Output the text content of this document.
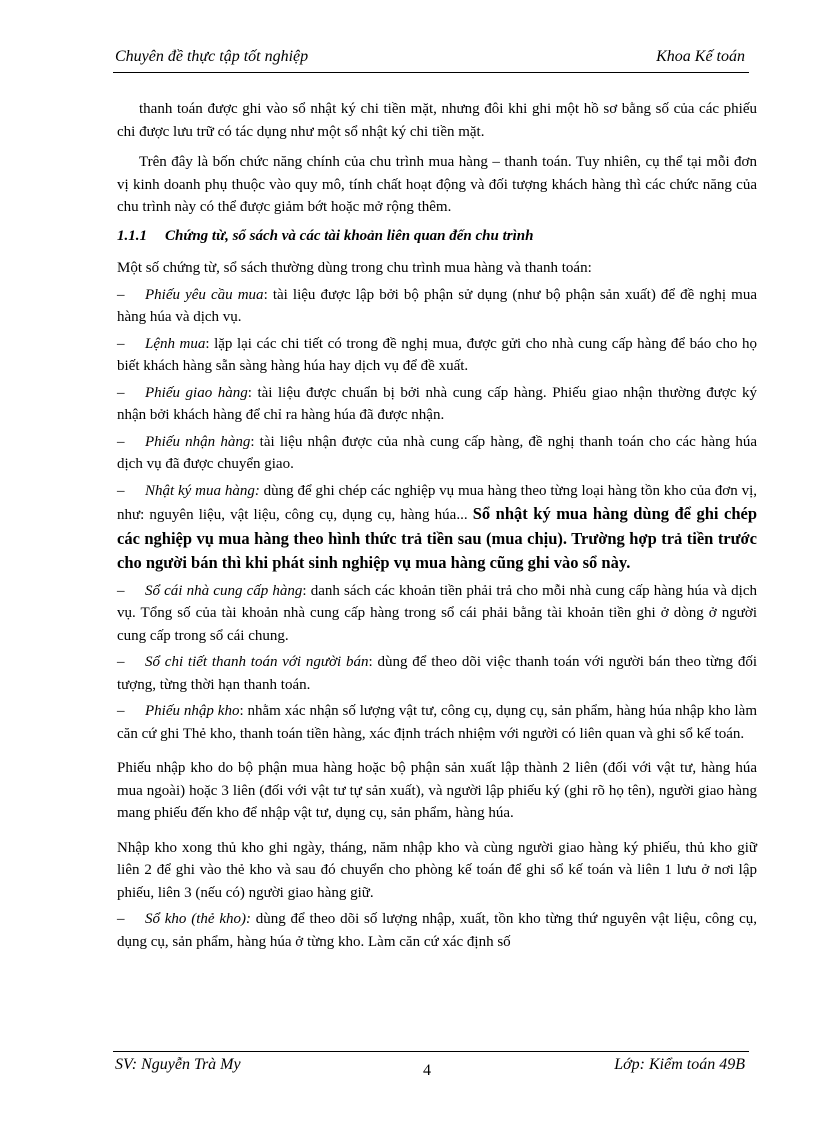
Chuyên đề thực tập tốt nghiệp	Khoa Kế toán

thanh toán được ghi vào sổ nhật ký chi tiền mặt, nhưng đôi khi ghi một hồ sơ bằng số của các phiếu chi được lưu trữ có tác dụng như một sổ nhật ký chi tiền mặt.

Trên đây là bốn chức năng chính của chu trình mua hàng – thanh toán. Tuy nhiên, cụ thể tại mỗi đơn vị kinh doanh phụ thuộc vào quy mô, tính chất hoạt động và đối tượng khách hàng thì các chức năng của chu trình này có thể được giảm bớt hoặc mở rộng thêm.

1.1.1 Chứng từ, sổ sách và các tài khoản liên quan đến chu trình

Một số chứng từ, sổ sách thường dùng trong chu trình mua hàng và thanh toán:

– Phiếu yêu cầu mua: tài liệu được lập bởi bộ phận sử dụng (như bộ phận sản xuất) để đề nghị mua hàng húa và dịch vụ.
– Lệnh mua: lặp lại các chi tiết có trong đề nghị mua, được gửi cho nhà cung cấp hàng để báo cho họ biết khách hàng sẵn sàng hàng húa hay dịch vụ để đề xuất.
– Phiếu giao hàng: tài liệu được chuẩn bị bởi nhà cung cấp hàng. Phiếu giao nhận thường được ký nhận bởi khách hàng để chỉ ra hàng húa đã được nhận.
– Phiếu nhận hàng: tài liệu nhận được của nhà cung cấp hàng, đề nghị thanh toán cho các hàng húa dịch vụ đã được chuyển giao.
– Nhật ký mua hàng: dùng để ghi chép các nghiệp vụ mua hàng theo từng loại hàng tồn kho của đơn vị, như: nguyên liệu, vật liệu, công cụ, dụng cụ, hàng húa... Sổ nhật ký mua hàng dùng để ghi chép các nghiệp vụ mua hàng theo hình thức trả tiền sau (mua chịu). Trường hợp trả tiền trước cho người bán thì khi phát sinh nghiệp vụ mua hàng cũng ghi vào sổ này.
– Sổ cái nhà cung cấp hàng: danh sách các khoản tiền phải trả cho mỗi nhà cung cấp hàng húa và dịch vụ. Tổng số của tài khoản nhà cung cấp hàng trong sổ cái phải bằng tài khoản tiền ghi ở dòng ở người cung cấp trong sổ cái chung.
– Sổ chi tiết thanh toán với người bán: dùng để theo dõi việc thanh toán với người bán theo từng đối tượng, từng thời hạn thanh toán.
– Phiếu nhập kho: nhằm xác nhận số lượng vật tư, công cụ, dụng cụ, sản phẩm, hàng húa nhập kho làm căn cứ ghi Thẻ kho, thanh toán tiền hàng, xác định trách nhiệm với người có liên quan và ghi sổ kế toán.

Phiếu nhập kho do bộ phận mua hàng hoặc bộ phận sản xuất lập thành 2 liên (đối với vật tư, hàng húa mua ngoài) hoặc 3 liên (đối với vật tư tự sản xuất), và người lập phiếu ký (ghi rõ họ tên), người giao hàng mang phiếu đến kho để nhập vật tư, dụng cụ, sản phẩm, hàng húa.

Nhập kho xong thủ kho ghi ngày, tháng, năm nhập kho và cùng người giao hàng ký phiếu, thủ kho giữ liên 2 để ghi vào thẻ kho và sau đó chuyển cho phòng kế toán để ghi sổ kế toán và liên 1 lưu ở nơi lập phiếu, liên 3 (nếu có) người giao hàng giữ.

– Sổ kho (thẻ kho): dùng để theo dõi số lượng nhập, xuất, tồn kho từng thứ nguyên vật liệu, công cụ, dụng cụ, sản phẩm, hàng húa ở từng kho. Làm căn cứ xác định số
SV: Nguyễn Trà My	4	Lớp: Kiểm toán 49B
